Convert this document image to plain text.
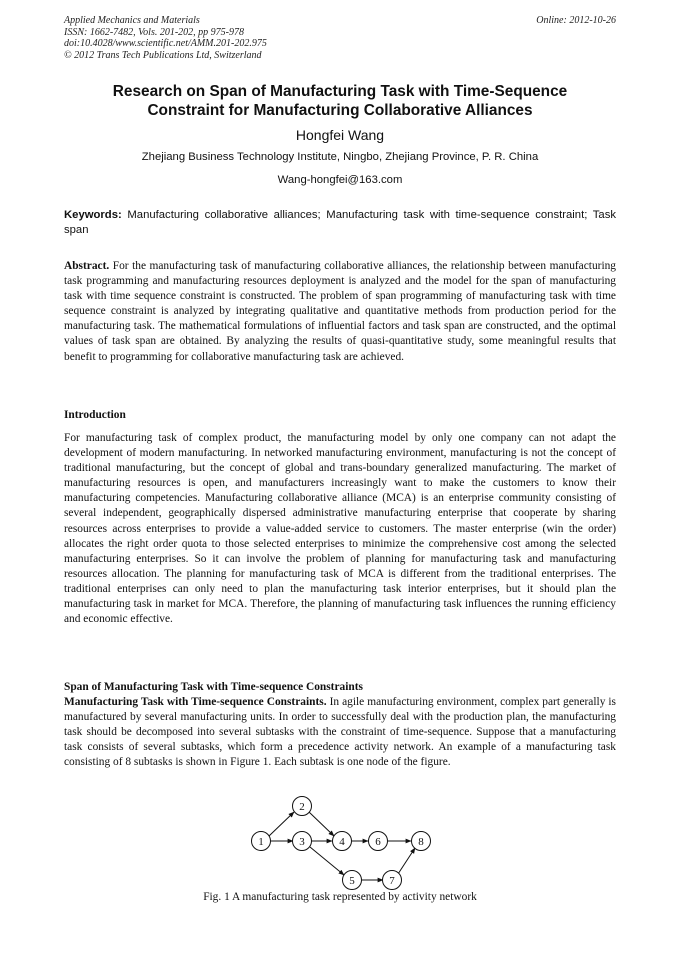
Applied Mechanics and Materials
ISSN: 1662-7482, Vols. 201-202, pp 975-978
doi:10.4028/www.scientific.net/AMM.201-202.975
© 2012 Trans Tech Publications Ltd, Switzerland
Online: 2012-10-26
Research on Span of Manufacturing Task with Time-Sequence
Constraint for Manufacturing Collaborative Alliances
Hongfei Wang
Zhejiang Business Technology Institute, Ningbo, Zhejiang Province, P. R. China
Wang-hongfei@163.com
Keywords: Manufacturing collaborative alliances; Manufacturing task with time-sequence constraint; Task span
Abstract. For the manufacturing task of manufacturing collaborative alliances, the relationship between manufacturing task programming and manufacturing resources deployment is analyzed and the model for the span of manufacturing task with time sequence constraint is constructed. The problem of span programming of manufacturing task with time sequence constraint is analyzed by integrating qualitative and quantitative methods from production period for the manufacturing task. The mathematical formulations of influential factors and task span are constructed, and the optimal values of task span are obtained. By analyzing the results of quasi-quantitative study, some meaningful results that benefit to programming for collaborative manufacturing task are achieved.
Introduction
For manufacturing task of complex product, the manufacturing model by only one company can not adapt the development of modern manufacturing. In networked manufacturing environment, manufacturing is not the concept of traditional manufacturing, but the concept of global and trans-boundary generalized manufacturing. The market of manufacturing resources is open, and manufacturers increasingly want to make the customers to know their manufacturing competencies. Manufacturing collaborative alliance (MCA) is an enterprise community consisting of several independent, geographically dispersed administrative manufacturing enterprise that cooperate by sharing resources across enterprises to provide a value-added service to customers. The master enterprise (win the order) allocates the right order quota to those selected enterprises to minimize the comprehensive cost among the selected manufacturing enterprises. So it can involve the problem of planning for manufacturing task and manufacturing resources allocation. The planning for manufacturing task of MCA is different from the traditional enterprises. The traditional enterprises can only need to plan the manufacturing task interior enterprises, but it should plan the manufacturing task in market for MCA. Therefore, the planning of manufacturing task influences the running efficiency and economic effective.
Span of Manufacturing Task with Time-sequence Constraints
Manufacturing Task with Time-sequence Constraints. In agile manufacturing environment, complex part generally is manufactured by several manufacturing units. In order to successfully deal with the production plan, the manufacturing task should be decomposed into several subtasks with the constraint of time-sequence. Suppose that a manufacturing task consists of several subtasks, which form a precedence activity network. An example of a manufacturing task consisting of 8 subtasks is shown in Figure 1. Each subtask is one node of the figure.
1
2
3	4
5
6
7
8
Fig. 1 A manufacturing task represented by activity network
